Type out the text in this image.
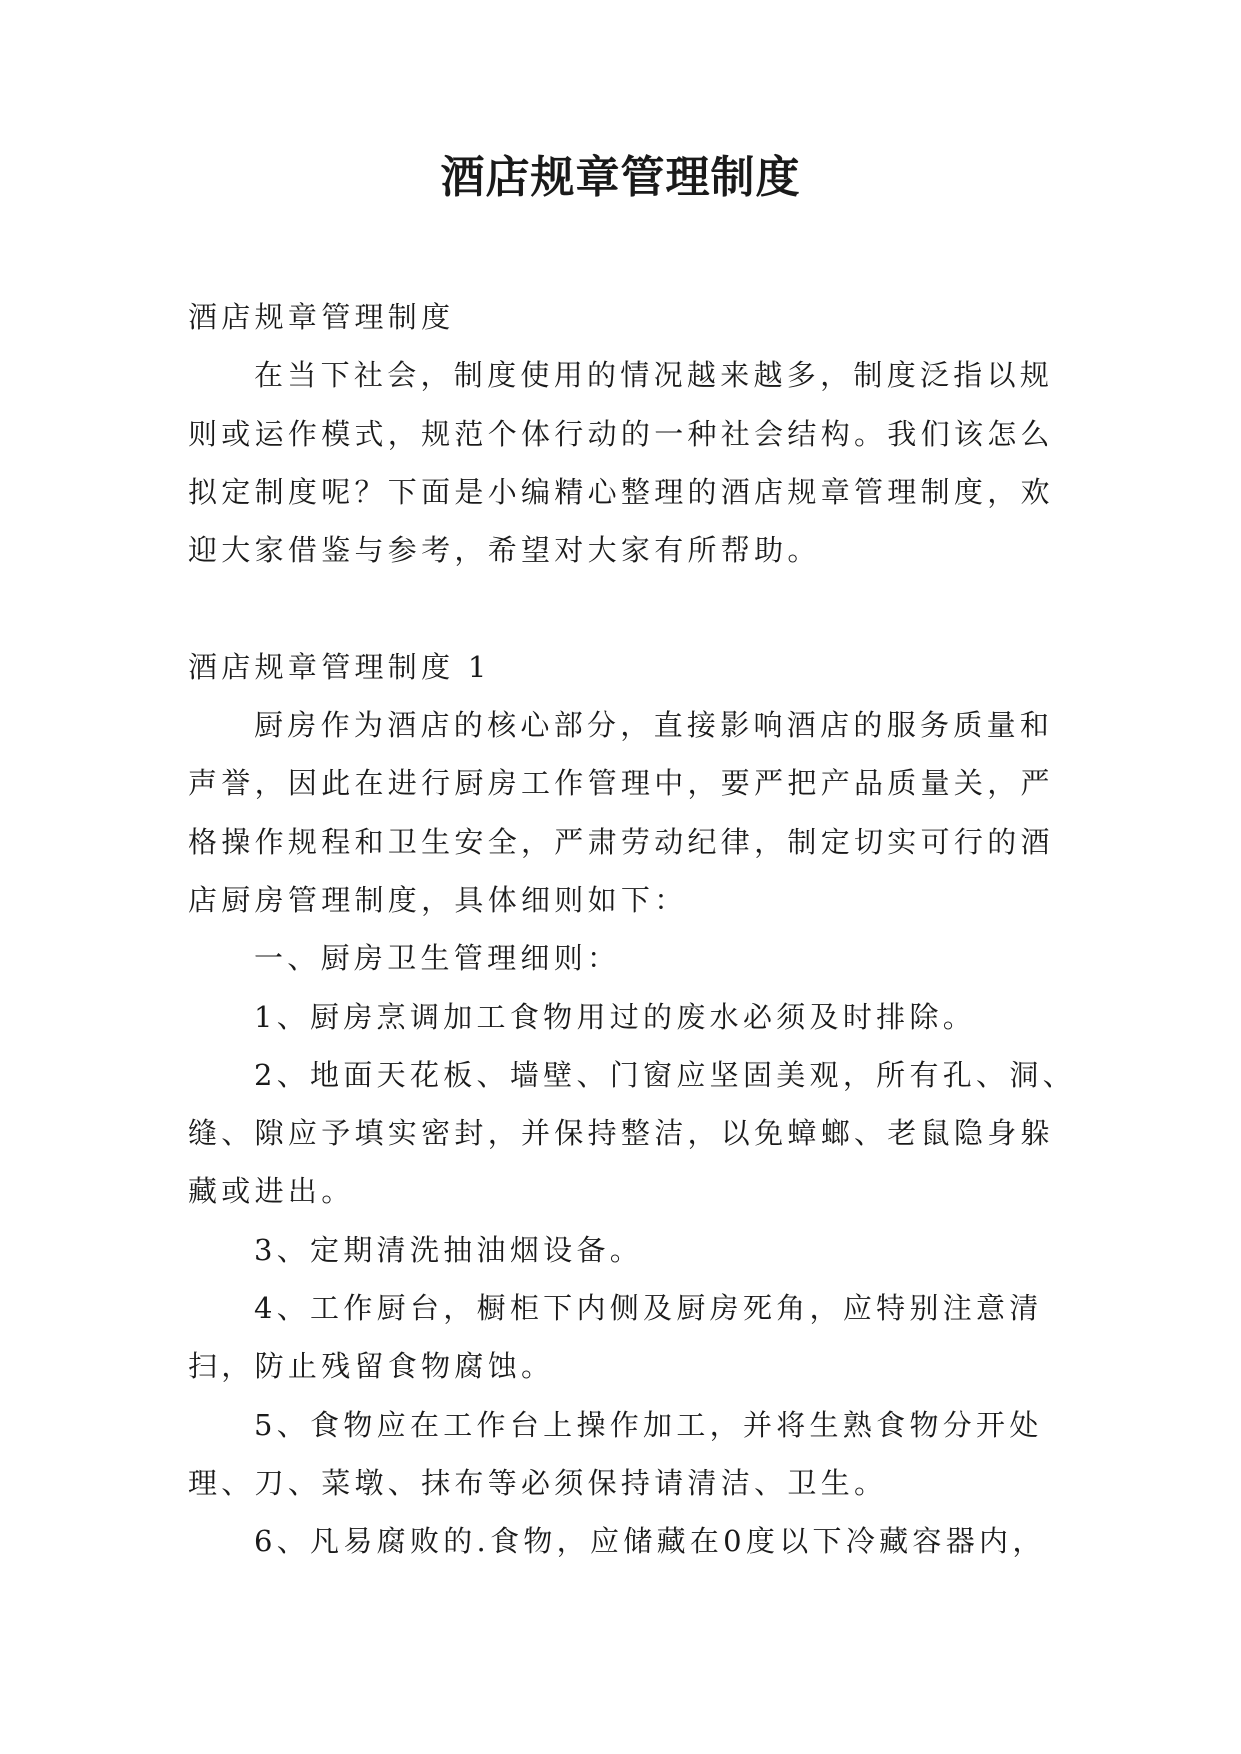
酒店规章管理制度
酒店规章管理制度
在当下社会，制度使用的情况越来越多，制度泛指以规
则或运作模式，规范个体行动的一种社会结构。我们该怎么
拟定制度呢？下面是小编精心整理的酒店规章管理制度，欢
迎大家借鉴与参考，希望对大家有所帮助。
酒店规章管理制度 1
厨房作为酒店的核心部分，直接影响酒店的服务质量和
声誉，因此在进行厨房工作管理中，要严把产品质量关，严
格操作规程和卫生安全，严肃劳动纪律，制定切实可行的酒
店厨房管理制度，具体细则如下：
一、厨房卫生管理细则：
1、厨房烹调加工食物用过的废水必须及时排除。
2、地面天花板、墙壁、门窗应坚固美观，所有孔、洞、
缝、隙应予填实密封，并保持整洁，以免蟑螂、老鼠隐身躲
藏或进出。
3、定期清洗抽油烟设备。
4、工作厨台，橱柜下内侧及厨房死角，应特别注意清
扫，防止残留食物腐蚀。
5、食物应在工作台上操作加工，并将生熟食物分开处
理、刀、菜墩、抹布等必须保持请清洁、卫生。
6、凡易腐败的.食物，应储藏在0度以下冷藏容器内，
